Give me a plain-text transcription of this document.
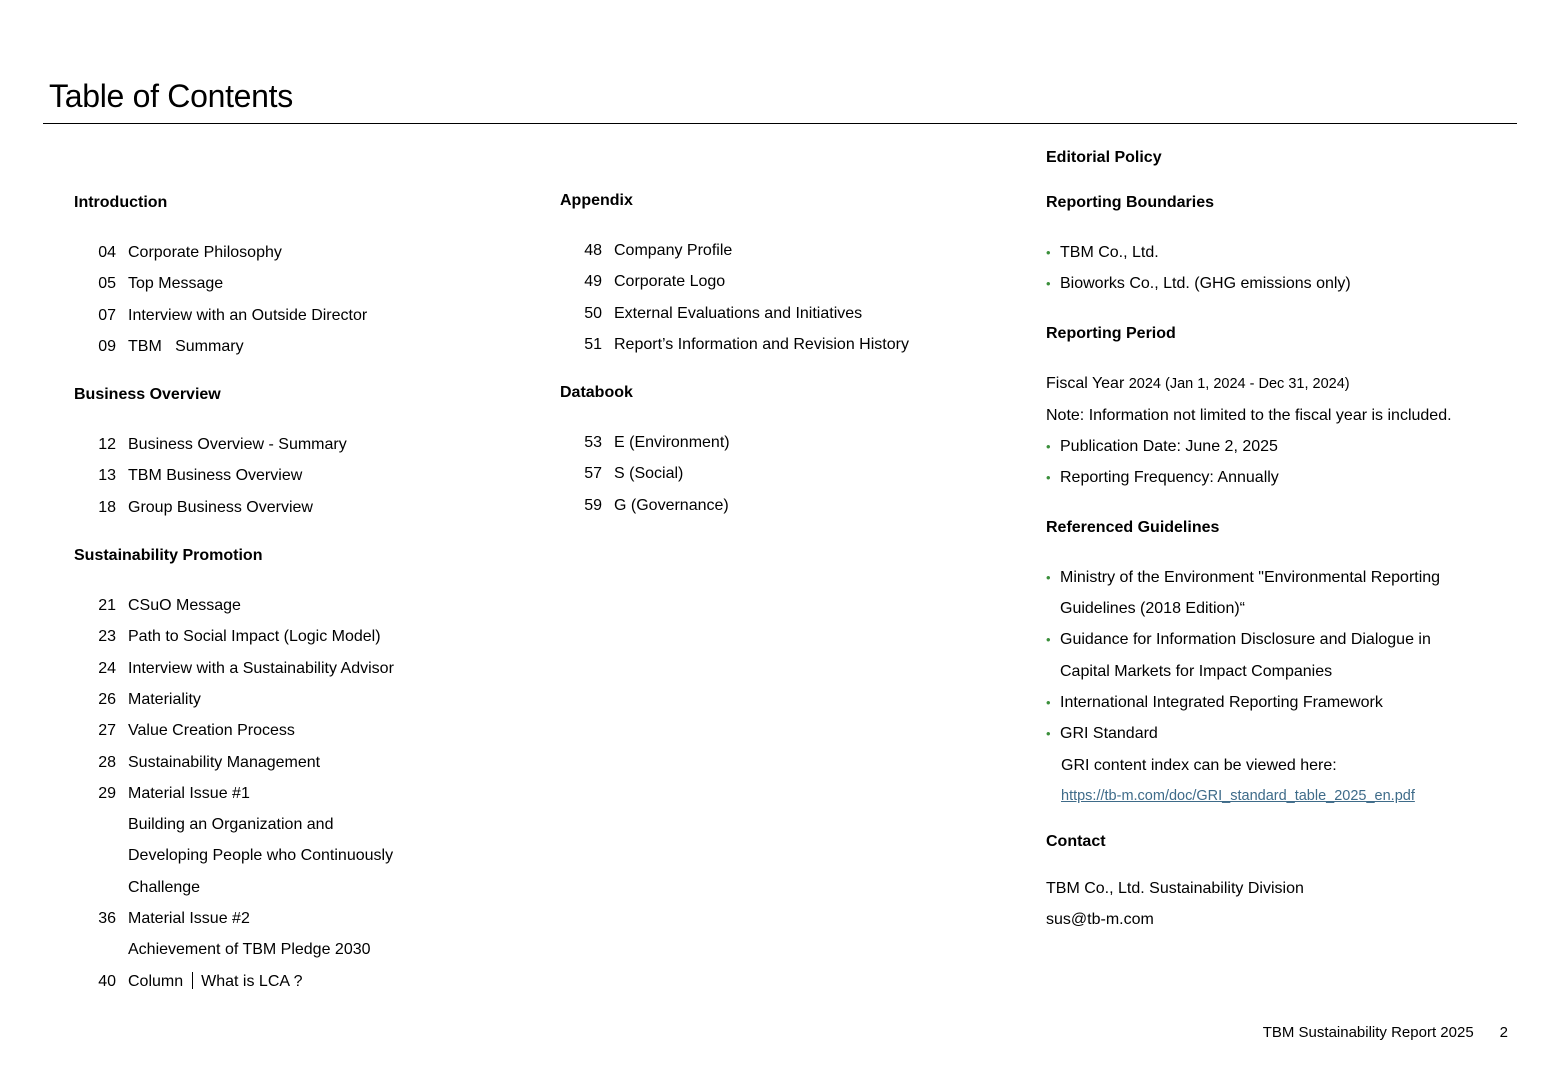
Table of Contents

Introduction

04 Corporate Philosophy
05 Top Message
07 Interview with an Outside Director
09 TBM   Summary

Business Overview

12 Business Overview - Summary
13 TBM Business Overview
18 Group Business Overview

Sustainability Promotion

21 CSuO Message
23 Path to Social Impact (Logic Model)
24 Interview with a Sustainability Advisor
26 Materiality
27 Value Creation Process
28 Sustainability Management
29 Material Issue #1
Building an Organization and
Developing People who Continuously
Challenge
36 Material Issue #2
Achievement of TBM Pledge 2030
40 Column What is LCA ?

Appendix

48 Company Profile
49 Corporate Logo
50 External Evaluations and Initiatives
51 Report’s Information and Revision History

Databook

53 E (Environment)
57 S (Social)
59 G (Governance)

Editorial Policy

Reporting Boundaries

• TBM Co., Ltd.
• Bioworks Co., Ltd. (GHG emissions only)

Reporting Period

Fiscal Year 2024 (Jan 1, 2024 - Dec 31, 2024)
Note: Information not limited to the fiscal year is included.
• Publication Date: June 2, 2025
• Reporting Frequency: Annually

Referenced Guidelines

• Ministry of the Environment "Environmental Reporting
Guidelines (2018 Edition)“
• Guidance for Information Disclosure and Dialogue in
Capital Markets for Impact Companies
• International Integrated Reporting Framework
• GRI Standard
GRI content index can be viewed here:
https://tb-m.com/doc/GRI_standard_table_2025_en.pdf

Contact

TBM Co., Ltd. Sustainability Division
sus@tb-m.com
TBM Sustainability Report 2025 2
